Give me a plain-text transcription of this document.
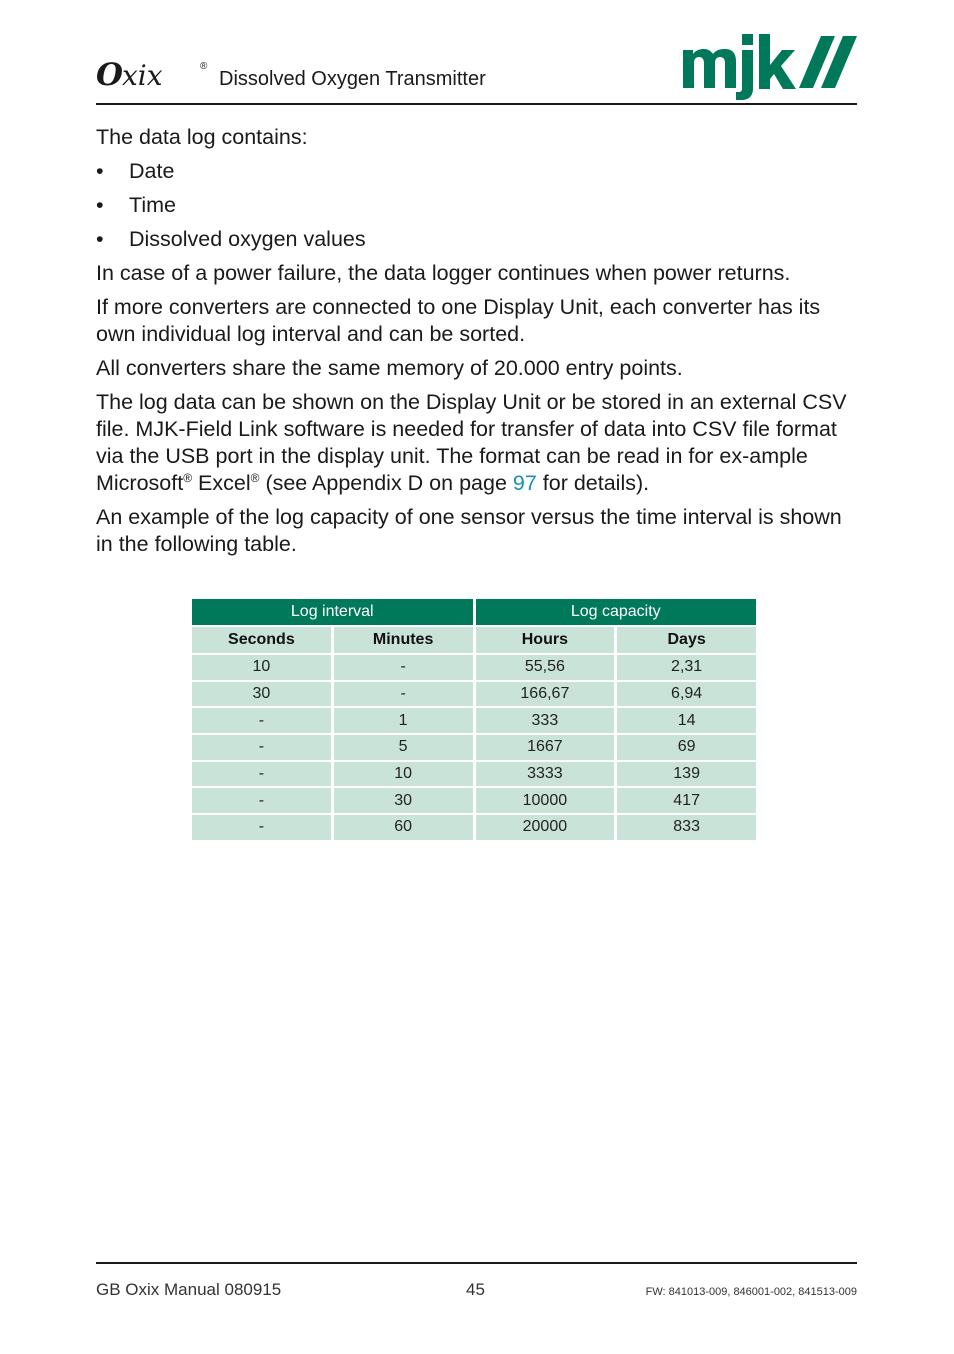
Oxix	®
Dissolved Oxygen Transmitter

The data log contains:

• Date
• Time
• Dissolved oxygen values

In case of a power failure, the data logger continues when power returns.

If more converters are connected to one Display Unit, each converter has its own individual log interval and can be sorted.

All converters share the same memory of 20.000 entry points.

The log data can be shown on the Display Unit or be stored in an external CSV file. MJK-Field Link software is needed for transfer of data into CSV file format via the USB port in the display unit. The format can be read in for ex-ample Microsoft® Excel® (see Appendix D on page 97 for details).

An example of the log capacity of one sensor versus the time interval is shown in the following table.

Log interval		Log capacity	
Seconds	Minutes	Hours	Days
10	-	55,56	2,31
30	-	166,67	6,94
-	1	333	14
-	5	1667	69
-	10	3333	139
-	30	10000	417
-	60	20000	833
GB Oxix Manual 080915	45	FW: 841013-009, 846001-002, 841513-009
